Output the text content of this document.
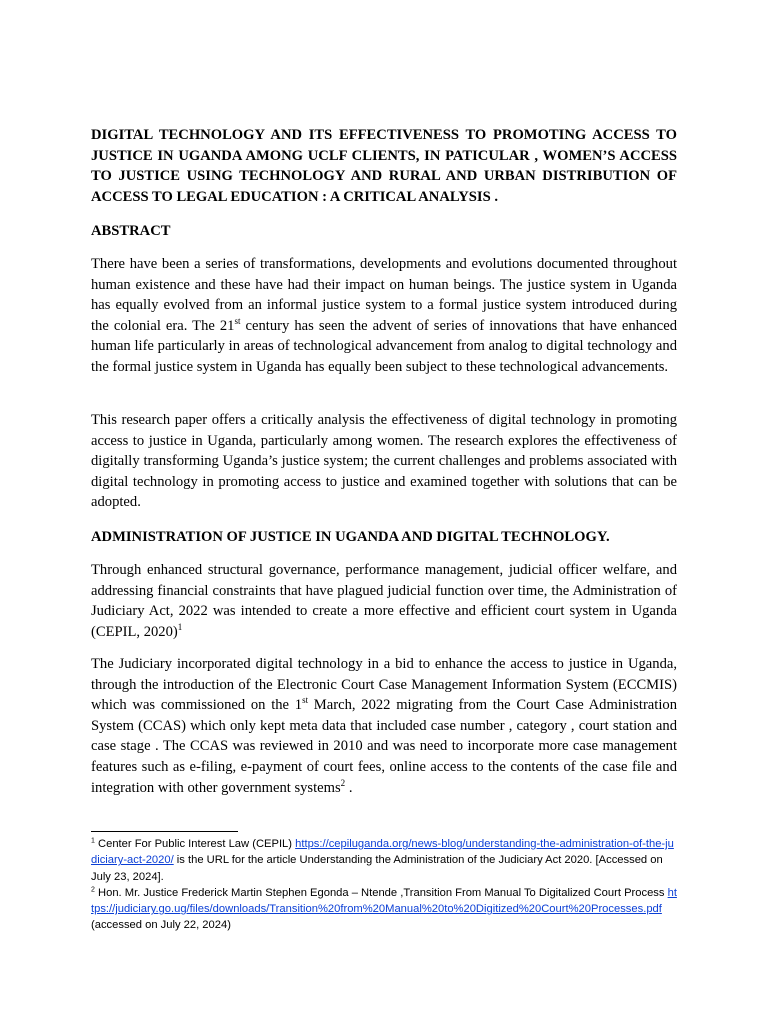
DIGITAL TECHNOLOGY AND ITS EFFECTIVENESS TO PROMOTING ACCESS TO JUSTICE IN UGANDA AMONG UCLF CLIENTS, IN PATICULAR , WOMEN’S ACCESS TO JUSTICE USING TECHNOLOGY AND RURAL AND URBAN DISTRIBUTION OF ACCESS TO LEGAL EDUCATION : A CRITICAL ANALYSIS .

ABSTRACT

There have been a series of transformations, developments and evolutions documented throughout human existence and these have had their impact on human beings. The justice system in Uganda has equally evolved from an informal justice system to a formal justice system introduced during the colonial era. The 21st century has seen the advent of series of innovations that have enhanced human life particularly in areas of technological advancement from analog to digital technology and the formal justice system in Uganda has equally been subject to these technological advancements.

This research paper offers a critically analysis the effectiveness of digital technology in promoting access to justice in Uganda, particularly among women. The research explores the effectiveness of digitally transforming Uganda’s justice system; the current challenges and problems associated with digital technology in promoting access to justice and examined together with solutions that can be adopted.

ADMINISTRATION OF JUSTICE IN UGANDA AND DIGITAL TECHNOLOGY.

Through enhanced structural governance, performance management, judicial officer welfare, and addressing financial constraints that have plagued judicial function over time, the Administration of Judiciary Act, 2022 was intended to create a more effective and efficient court system in Uganda (CEPIL, 2020)$^1$

The Judiciary incorporated digital technology in a bid to enhance the access to justice in Uganda, through the introduction of the Electronic Court Case Management Information System (ECCMIS) which was commissioned on the 1st March, 2022 migrating from the Court Case Administration System (CCAS) which only kept meta data that included case number , category , court station and case stage . The CCAS was reviewed in 2010 and was need to incorporate more case management features such as e-filing, e-payment of court fees, online access to the contents of the case file and integration with other government systems$^2$ .

$^1$ Center For Public Interest Law (CEPIL) https://cepiluganda.org/news-blog/understanding-the-administration-of-the-judiciary-act-2020/ is the URL for the article Understanding the Administration of the Judiciary Act 2020. [Accessed on July 23, 2024].

$^2$ Hon. Mr. Justice Frederick Martin Stephen Egonda – Ntende ,Transition From Manual To Digitalized Court Process https://judiciary.go.ug/files/downloads/Transition%20from%20Manual%20to%20Digitized%20Court%20Processes.pdf (accessed on July 22, 2024)
